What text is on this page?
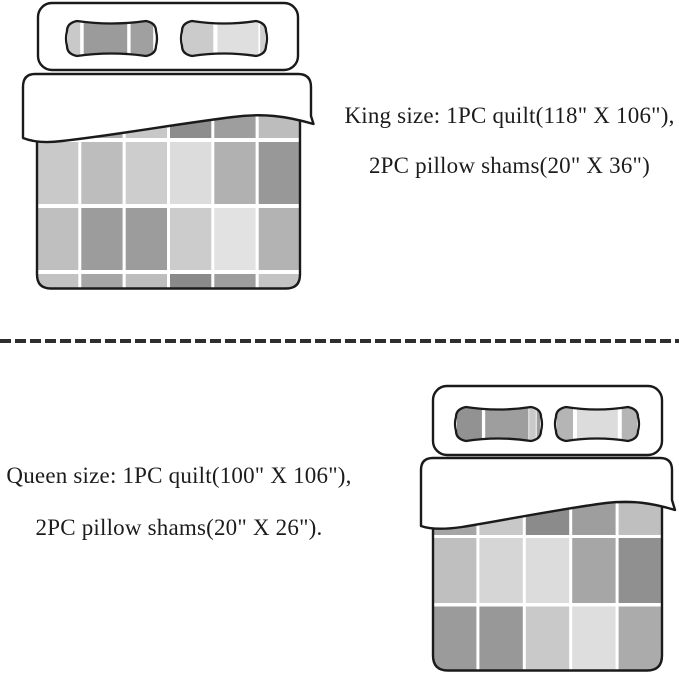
King size: 1PC quilt(118" X 106"),
2PC pillow shams(20" X 36")
Queen size: 1PC quilt(100" X 106"),
2PC pillow shams(20" X 26").
